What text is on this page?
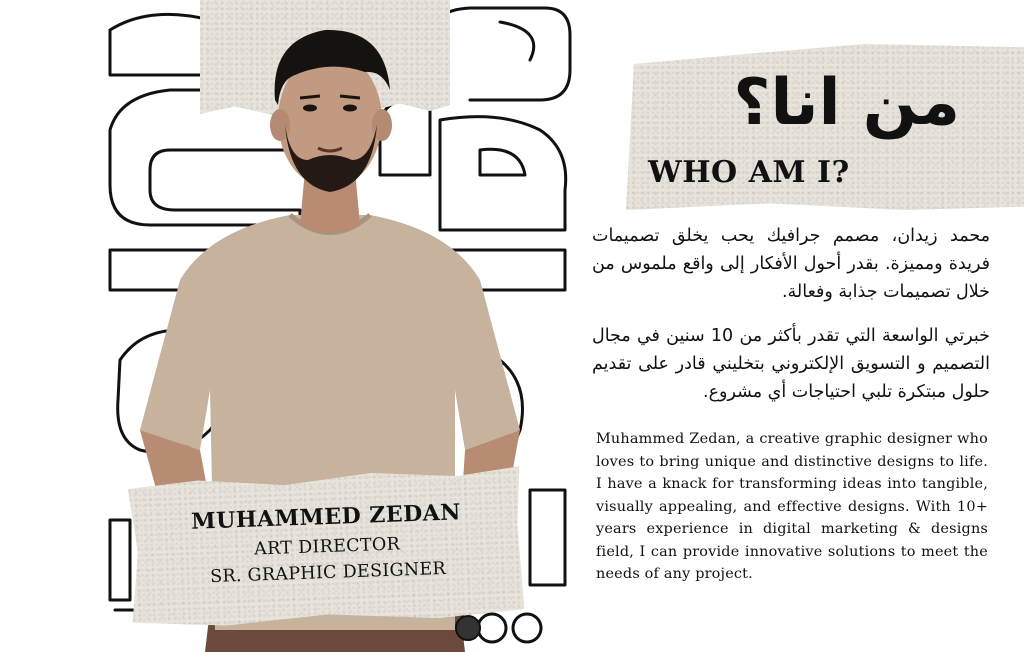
من انا؟
WHO AM I?

محمد زيدان، مصمم جرافيك يحب يخلق تصميمات فريدة ومميزة. بقدر أحول الأفكار إلى واقع ملموس من خلال تصميمات جذابة وفعالة.

خبرتي الواسعة التي تقدر بأكثر من 10 سنين في مجال التصميم و التسويق الإلكتروني بتخليني قادر على تقديم حلول مبتكرة تلبي احتياجات أي مشروع.

Muhammed Zedan, a creative graphic designer who loves to bring unique and distinctive designs to life. I have a knack for transforming ideas into tangible, visually appealing, and effective designs. With 10+ years experience in digital marketing & designs field, I can provide innovative solutions to meet the needs of any project.

MUHAMMED ZEDAN
ART DIRECTOR
SR. GRAPHIC DESIGNER
